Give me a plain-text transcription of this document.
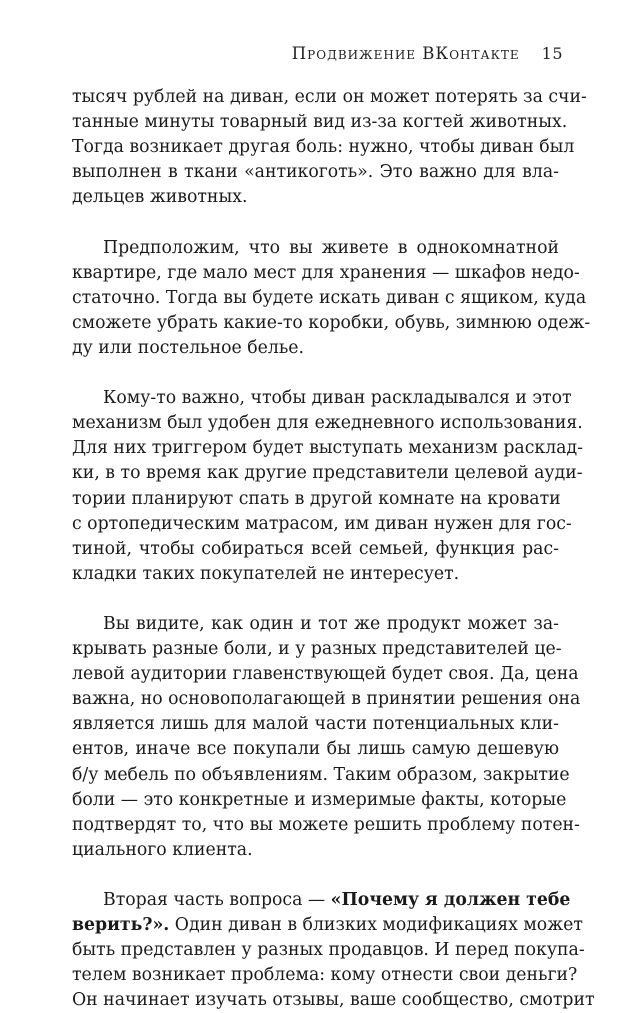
Продвижение ВКонтакте 15

тысяч рублей на диван, если он может потерять за счи-
танные минуты товарный вид из-за когтей животных.
Тогда возникает другая боль: нужно, чтобы диван был
выполнен в ткани «антикоготь». Это важно для вла-
дельцев животных.

Предположим, что вы живете в однокомнатной
квартире, где мало мест для хранения — шкафов недо-
статочно. Тогда вы будете искать диван с ящиком, куда
сможете убрать какие-то коробки, обувь, зимнюю одеж-
ду или постельное белье.

Кому-то важно, чтобы диван раскладывался и этот
механизм был удобен для ежедневного использования.
Для них триггером будет выступать механизм расклад-
ки, в то время как другие представители целевой ауди-
тории планируют спать в другой комнате на кровати
с ортопедическим матрасом, им диван нужен для гос-
тиной, чтобы собираться всей семьей, функция рас-
кладки таких покупателей не интересует.

Вы видите, как один и тот же продукт может за-
крывать разные боли, и у разных представителей це-
левой аудитории главенствующей будет своя. Да, цена
важна, но основополагающей в принятии решения она
является лишь для малой части потенциальных кли-
ентов, иначе все покупали бы лишь самую дешевую
б/у мебель по объявлениям. Таким образом, закрытие
боли — это конкретные и измеримые факты, которые
подтвердят то, что вы можете решить проблему потен-
циального клиента.

Вторая часть вопроса — «Почему я должен тебе
верить?». Один диван в близких модификациях может
быть представлен у разных продавцов. И перед покупа-
телем возникает проблема: кому отнести свои деньги?
Он начинает изучать отзывы, ваше сообщество, смотрит
